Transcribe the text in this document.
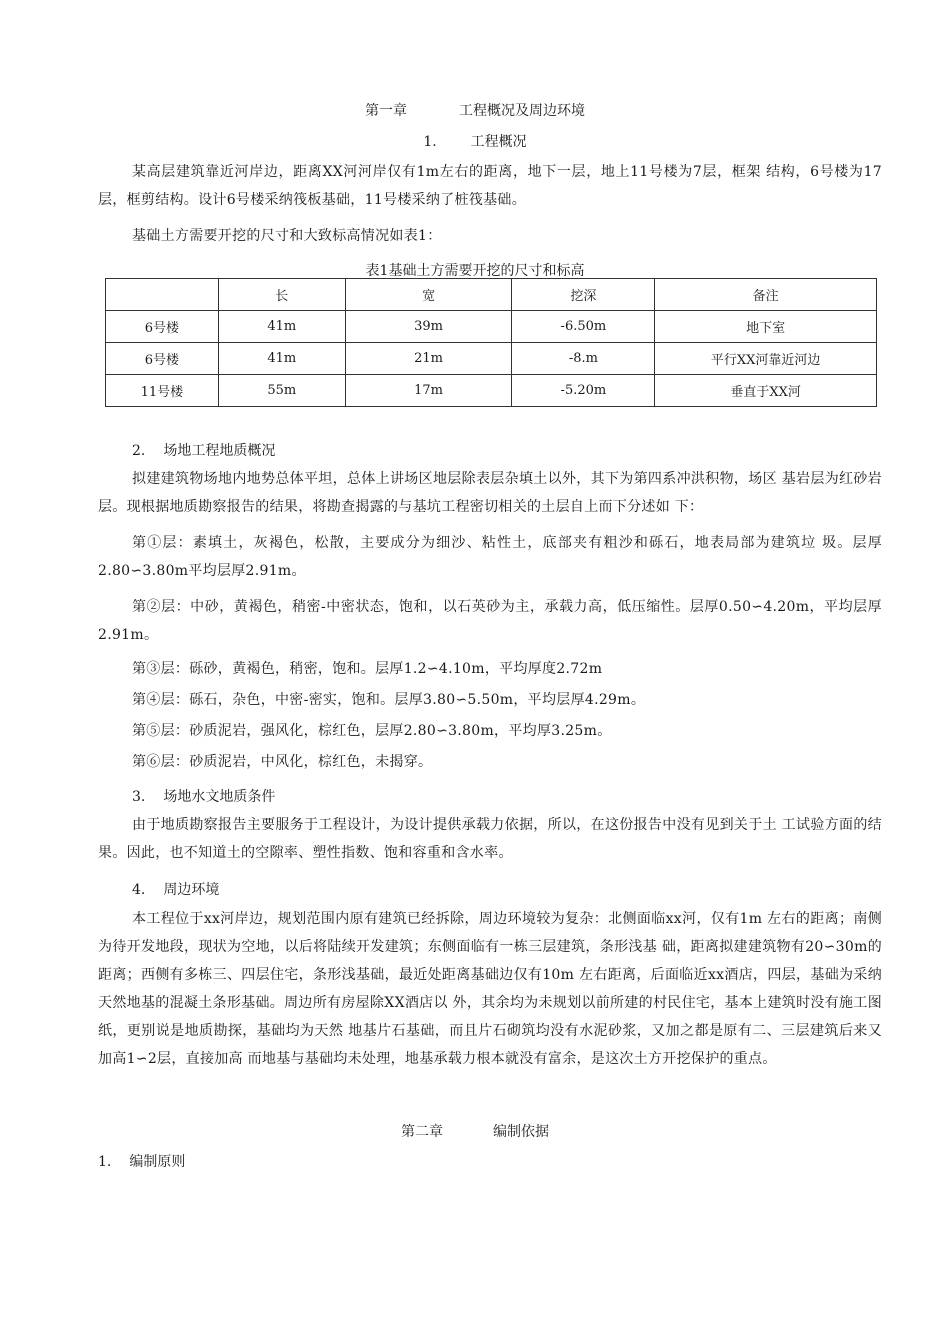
第一章	工程概况及周边环境
1. 工程概况
某高层建筑靠近河岸边，距离XX河河岸仅有1m左右的距离，地下一层，地上11号楼为7层，框架 结构，6号楼为17层，框剪结构。设计6号楼采纳筏板基础，11号楼采纳了桩筏基础。
基础土方需要开挖的尺寸和大致标高情况如表1：
表1基础土方需要开挖的尺寸和标高
	长	宽	挖深	备注
6号楼	41m	39m	-6.50m	地下室
6号楼	41m	21m	-8.m	平行XX河靠近河边
11号楼	55m	17m	-5.20m	垂直于XX河
2. 场地工程地质概况
拟建建筑物场地内地势总体平坦，总体上讲场区地层除表层杂填土以外，其下为第四系冲洪积物，场区 基岩层为红砂岩层。现根据地质勘察报告的结果，将勘查揭露的与基坑工程密切相关的土层自上而下分述如 下：
第①层：素填土，灰褐色，松散，主要成分为细沙、粘性土，底部夹有粗沙和砾石，地表局部为建筑垃 圾。层厚2.80∽3.80m平均层厚2.91m。
第②层：中砂，黄褐色，稍密-中密状态，饱和，以石英砂为主，承载力高，低压缩性。层厚0.50∽4.20m，平均层厚2.91m。
第③层：砾砂，黄褐色，稍密，饱和。层厚1.2∽4.10m，平均厚度2.72m
第④层：砾石，杂色，中密-密实，饱和。层厚3.80∽5.50m，平均层厚4.29m。
第⑤层：砂质泥岩，强风化，棕红色，层厚2.80∽3.80m，平均厚3.25m。
第⑥层：砂质泥岩，中风化，棕红色，未揭穿。
3. 场地水文地质条件
由于地质勘察报告主要服务于工程设计，为设计提供承载力依据，所以，在这份报告中没有见到关于土 工试验方面的结果。因此，也不知道土的空隙率、塑性指数、饱和容重和含水率。
4. 周边环境
本工程位于xx河岸边，规划范围内原有建筑已经拆除，周边环境较为复杂：北侧面临xx河，仅有1m 左右的距离；南侧为待开发地段，现状为空地，以后将陆续开发建筑；东侧面临有一栋三层建筑，条形浅基 础，距离拟建建筑物有20∽30m的距离；西侧有多栋三、四层住宅，条形浅基础，最近处距离基础边仅有10m 左右距离，后面临近xx酒店，四层，基础为采纳天然地基的混凝土条形基础。周边所有房屋除XX酒店以 外，其余均为未规划以前所建的村民住宅，基本上建筑时没有施工图纸，更别说是地质勘探，基础均为天然 地基片石基础，而且片石砌筑均没有水泥砂浆，又加之都是原有二、三层建筑后来又加高1∽2层，直接加高 而地基与基础均未处理，地基承载力根本就没有富余，是这次土方开挖保护的重点。
第二章	编制依据
1. 编制原则
